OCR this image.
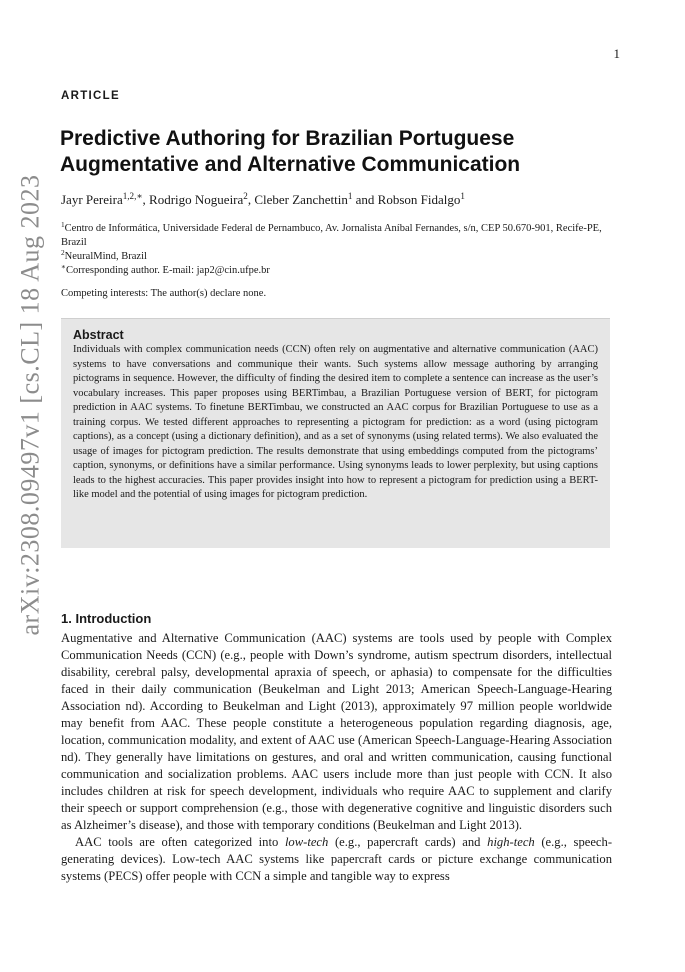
1
arXiv:2308.09497v1 [cs.CL] 18 Aug 2023
ARTICLE
Predictive Authoring for Brazilian Portuguese Augmentative and Alternative Communication
Jayr Pereira$^{1,2,∗}$, Rodrigo Nogueira$^2$, Cleber Zanchettin$^1$ and Robson Fidalgo$^1$
$^1$Centro de Informática, Universidade Federal de Pernambuco, Av. Jornalista Aníbal Fernandes, s/n, CEP 50.670-901, Recife-PE, Brazil
$^2$NeuralMind, Brazil
∗Corresponding author. E-mail: jap2@cin.ufpe.br
Competing interests: The author(s) declare none.
Abstract

Individuals with complex communication needs (CCN) often rely on augmentative and alternative communication (AAC) systems to have conversations and communique their wants. Such systems allow message authoring by arranging pictograms in sequence. However, the difficulty of finding the desired item to complete a sentence can increase as the user’s vocabulary increases. This paper proposes using BERTimbau, a Brazilian Portuguese version of BERT, for pictogram prediction in AAC systems. To finetune BERTimbau, we constructed an AAC corpus for Brazilian Portuguese to use as a training corpus. We tested different approaches to representing a pictogram for prediction: as a word (using pictogram captions), as a concept (using a dictionary definition), and as a set of synonyms (using related terms). We also evaluated the usage of images for pictogram prediction. The results demonstrate that using embeddings computed from the pictograms’ caption, synonyms, or definitions have a similar performance. Using synonyms leads to lower perplexity, but using captions leads to the highest accuracies. This paper provides insight into how to represent a pictogram for prediction using a BERT-like model and the potential of using images for pictogram prediction.

1. Introduction

Augmentative and Alternative Communication (AAC) systems are tools used by people with Complex Communication Needs (CCN) (e.g., people with Down’s syndrome, autism spectrum disorders, intellectual disability, cerebral palsy, developmental apraxia of speech, or aphasia) to compensate for the difficulties faced in their daily communication (Beukelman and Light 2013; American Speech-Language-Hearing Association nd). According to Beukelman and Light (2013), approximately 97 million people worldwide may benefit from AAC. These people constitute a heterogeneous population regarding diagnosis, age, location, communication modality, and extent of AAC use (American Speech-Language-Hearing Association nd). They generally have limitations on gestures, and oral and written communication, causing functional communication and socialization problems. AAC users include more than just people with CCN. It also includes children at risk for speech development, individuals who require AAC to supplement and clarify their speech or support comprehension (e.g., those with degenerative cognitive and linguistic disorders such as Alzheimer’s disease), and those with temporary conditions (Beukelman and Light 2013).

AAC tools are often categorized into low-tech (e.g., papercraft cards) and high-tech (e.g., speech-generating devices). Low-tech AAC systems like papercraft cards or picture exchange communication systems (PECS) offer people with CCN a simple and tangible way to express
